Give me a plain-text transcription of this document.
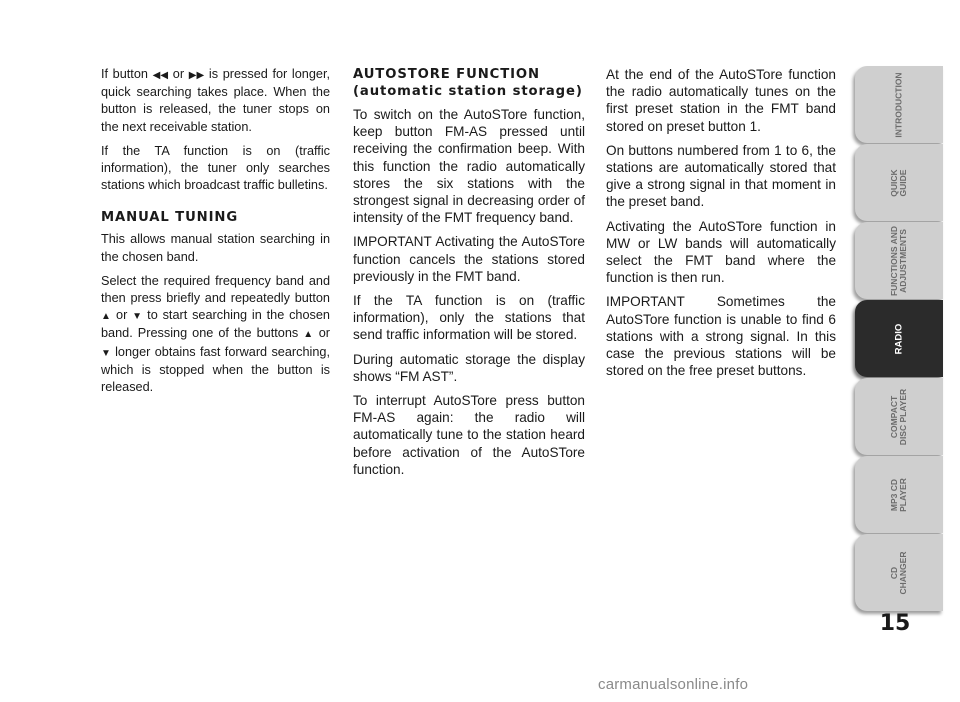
If button ◀◀ or ▶▶ is pressed for longer, quick searching takes place. When the button is released, the tuner stops on the next receivable station.

If the TA function is on (traffic information), the tuner only searches stations which broadcast traffic bulletins.

MANUAL TUNING

This allows manual station searching in the chosen band.

Select the required frequency band and then press briefly and repeatedly button ▲ or ▼ to start searching in the chosen band. Pressing one of the buttons ▲ or ▼ longer obtains fast forward searching, which is stopped when the button is released.

AUTOSTORE FUNCTION
(automatic station storage)

To switch on the AutoSTore function, keep button FM-AS pressed until receiving the confirmation beep. With this function the radio automatically stores the six stations with the strongest signal in decreasing order of intensity of the FMT frequency band.

IMPORTANT Activating the AutoSTore function cancels the stations stored previously in the FMT band.

If the TA function is on (traffic information), only the stations that send traffic information will be stored.

During automatic storage the display shows “FM AST”.

To interrupt AutoSTore press button FM-AS again: the radio will automatically tune to the station heard before activation of the AutoSTore function.

At the end of the AutoSTore function the radio automatically tunes on the first preset station in the FMT band stored on preset button 1.

On buttons numbered from 1 to 6, the stations are automatically stored that give a strong signal in that moment in the preset band.

Activating the AutoSTore function in MW or LW bands will automatically select the FMT band where the function is then run.

IMPORTANT Sometimes the AutoSTore function is unable to find 6 stations with a strong signal. In this case the previous stations will be stored on the free preset buttons.

INTRODUCTION
QUICK
GUIDE
FUNCTIONS AND
ADJUSTMENTS
RADIO
COMPACT
DISC PLAYER
MP3 CD
PLAYER
CD
CHANGER
15
carmanualsonline.info
